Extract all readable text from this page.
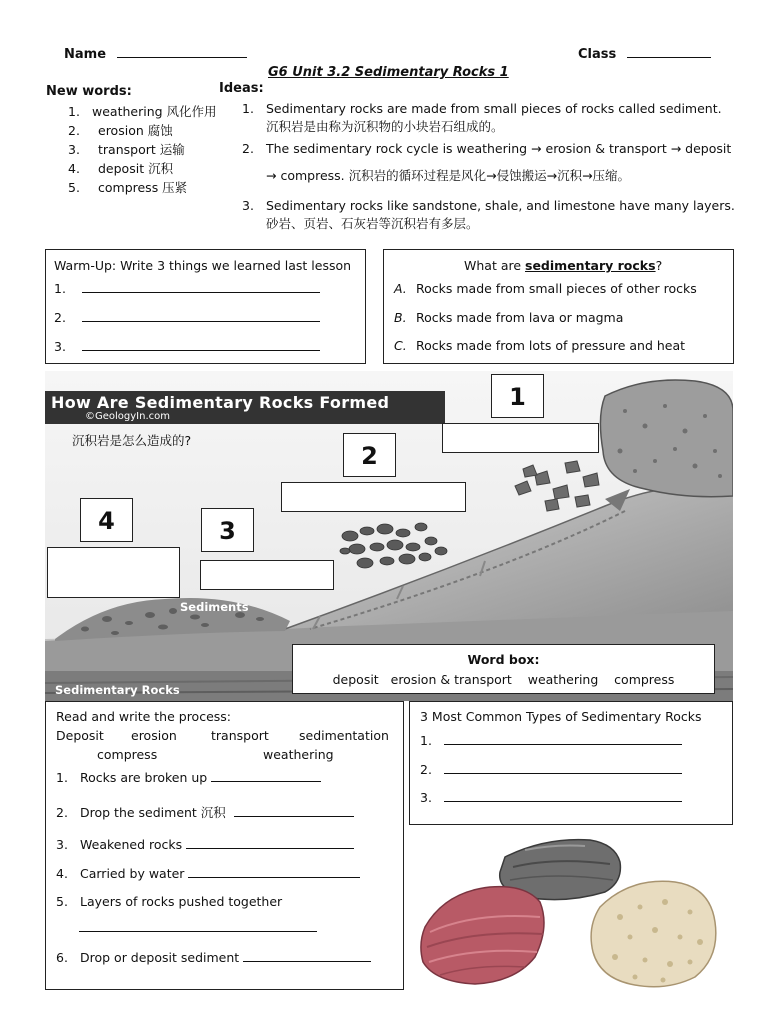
Name	Class
G6 Unit 3.2 Sedimentary Rocks 1
New words:
1. weathering 风化作用
2. erosion 腐蚀
3. transport 运输
4. deposit 沉积
5. compress 压紧
Ideas:
1. Sedimentary rocks are made from small pieces of rocks called sediment.
沉积岩是由称为沉积物的小块岩石组成的。
2. The sedimentary rock cycle is weathering → erosion & transport → deposit

→ compress. 沉积岩的循环过程是风化→侵蚀搬运→沉积→压缩。
3. Sedimentary rocks like sandstone, shale, and limestone have many layers.
砂岩、页岩、石灰岩等沉积岩有多层。
Warm-Up: Write 3 things we learned last lesson
1.
2.
3.
What are sedimentary rocks?
A. Rocks made from small pieces of other rocks
B. Rocks made from lava or magma
C. Rocks made from lots of pressure and heat
How Are Sedimentary Rocks Formed
©GeologyIn.com
沉积岩是怎么造成的?
1
2
3
4
Sediments
Sedimentary Rocks
Word box:
deposit   erosion & transport    weathering    compress
Read and write the process:
Deposit erosion	transport sedimentation
compress	weathering
1. Rocks are broken up
2. Drop the sediment 沉积
3. Weakened rocks
4. Carried by water
5. Layers of rocks pushed together
6. Drop or deposit sediment
3 Most Common Types of Sedimentary Rocks
1.
2.
3.
